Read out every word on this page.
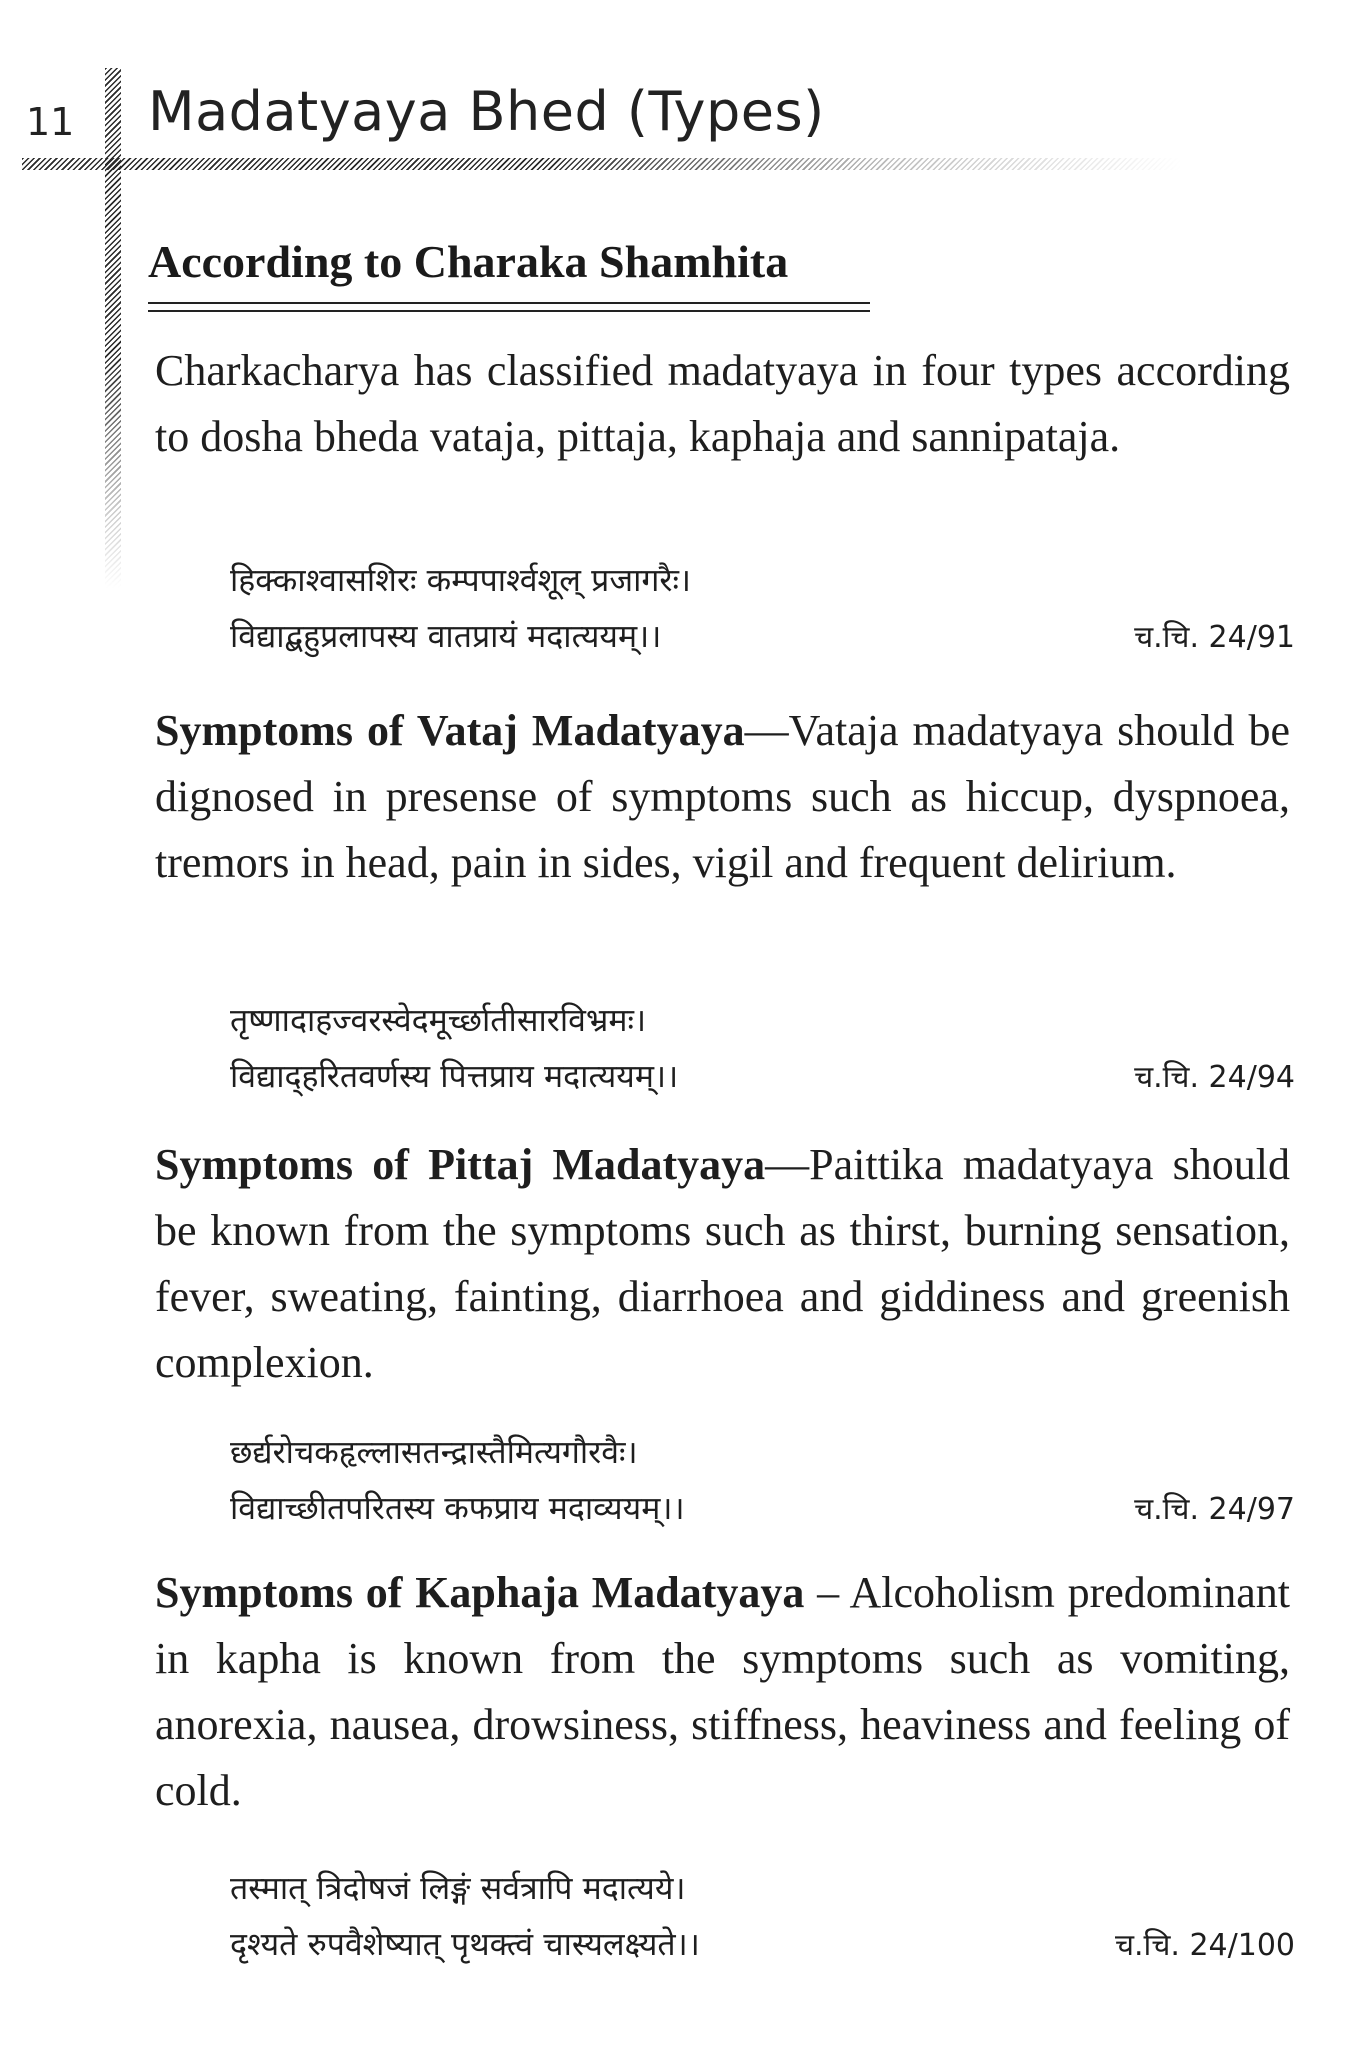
11 Madatyaya Bhed (Types)
According to Charaka Shamhita
Charkacharya has classified madatyaya in four types according to dosha bheda vataja, pittaja, kaphaja and sannipataja.
हिक्काश्वासशिरः कम्पपार्श्वशूल् प्रजागरैः।
विद्याद्बहुप्रलापस्य वातप्रायं मदात्ययम्।।	च.चि. 24/91
Symptoms of Vataj Madatyaya—Vataja madatyaya should be dignosed in presense of symptoms such as hiccup, dyspnoea, tremors in head, pain in sides, vigil and frequent delirium.
तृष्णादाहज्वरस्वेदमूर्च्छातीसारविभ्रमः।
विद्याद्हरितवर्णस्य पित्तप्राय मदात्ययम्।।	च.चि. 24/94
Symptoms of Pittaj Madatyaya—Paittika madatyaya should be known from the symptoms such as thirst, burning sensation, fever, sweating, fainting, diarrhoea and giddiness and greenish complexion.
छर्द्यरोचकहृल्लासतन्द्रास्तैमित्यगौरवैः।
विद्याच्छीतपरितस्य कफप्राय मदाव्ययम्।।	च.चि. 24/97
Symptoms of Kaphaja Madatyaya – Alcoholism predominant in kapha is known from the symptoms such as vomiting, anorexia, nausea, drowsiness, stiffness, heaviness and feeling of cold.
तस्मात् त्रिदोषजं लिङ्गं सर्वत्रापि मदात्यये।
दृश्यते रुपवैशेष्यात् पृथक्त्वं चास्यलक्ष्यते।।	च.चि. 24/100
